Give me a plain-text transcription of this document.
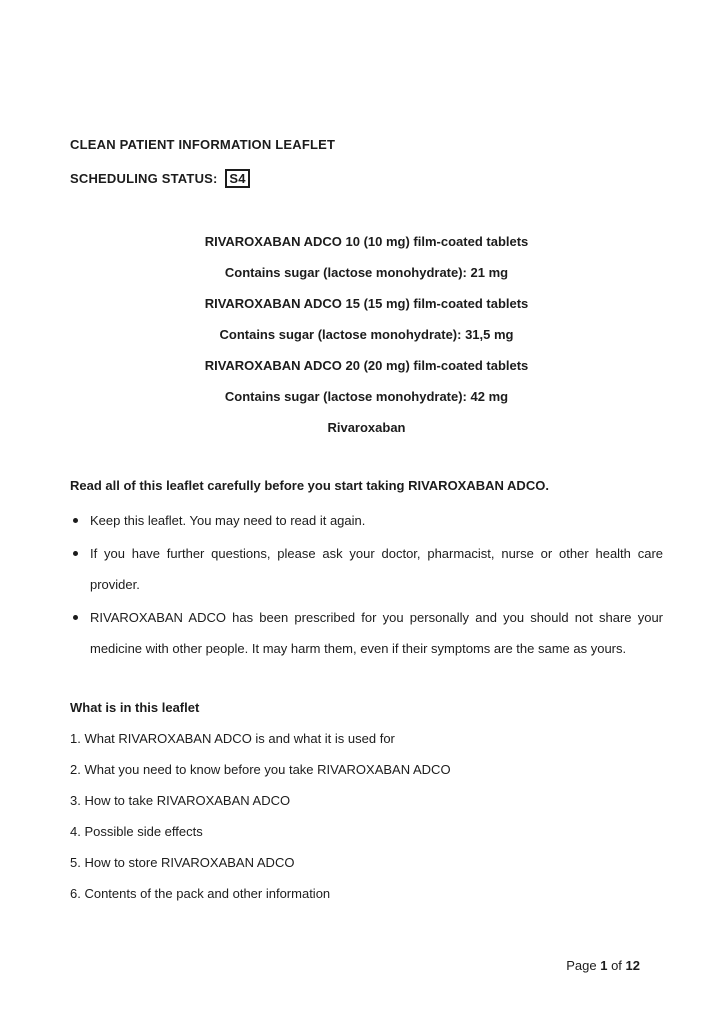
CLEAN PATIENT INFORMATION LEAFLET
SCHEDULING STATUS: S4
RIVAROXABAN ADCO 10 (10 mg) film-coated tablets
Contains sugar (lactose monohydrate): 21 mg
RIVAROXABAN ADCO 15 (15 mg) film-coated tablets
Contains sugar (lactose monohydrate): 31,5 mg
RIVAROXABAN ADCO 20 (20 mg) film-coated tablets
Contains sugar (lactose monohydrate): 42 mg
Rivaroxaban
Read all of this leaflet carefully before you start taking RIVAROXABAN ADCO.
Keep this leaflet. You may need to read it again.
If you have further questions, please ask your doctor, pharmacist, nurse or other health care provider.
RIVAROXABAN ADCO has been prescribed for you personally and you should not share your medicine with other people. It may harm them, even if their symptoms are the same as yours.
What is in this leaflet
1. What RIVAROXABAN ADCO is and what it is used for
2. What you need to know before you take RIVAROXABAN ADCO
3. How to take RIVAROXABAN ADCO
4. Possible side effects
5. How to store RIVAROXABAN ADCO
6. Contents of the pack and other information
Page 1 of 12
